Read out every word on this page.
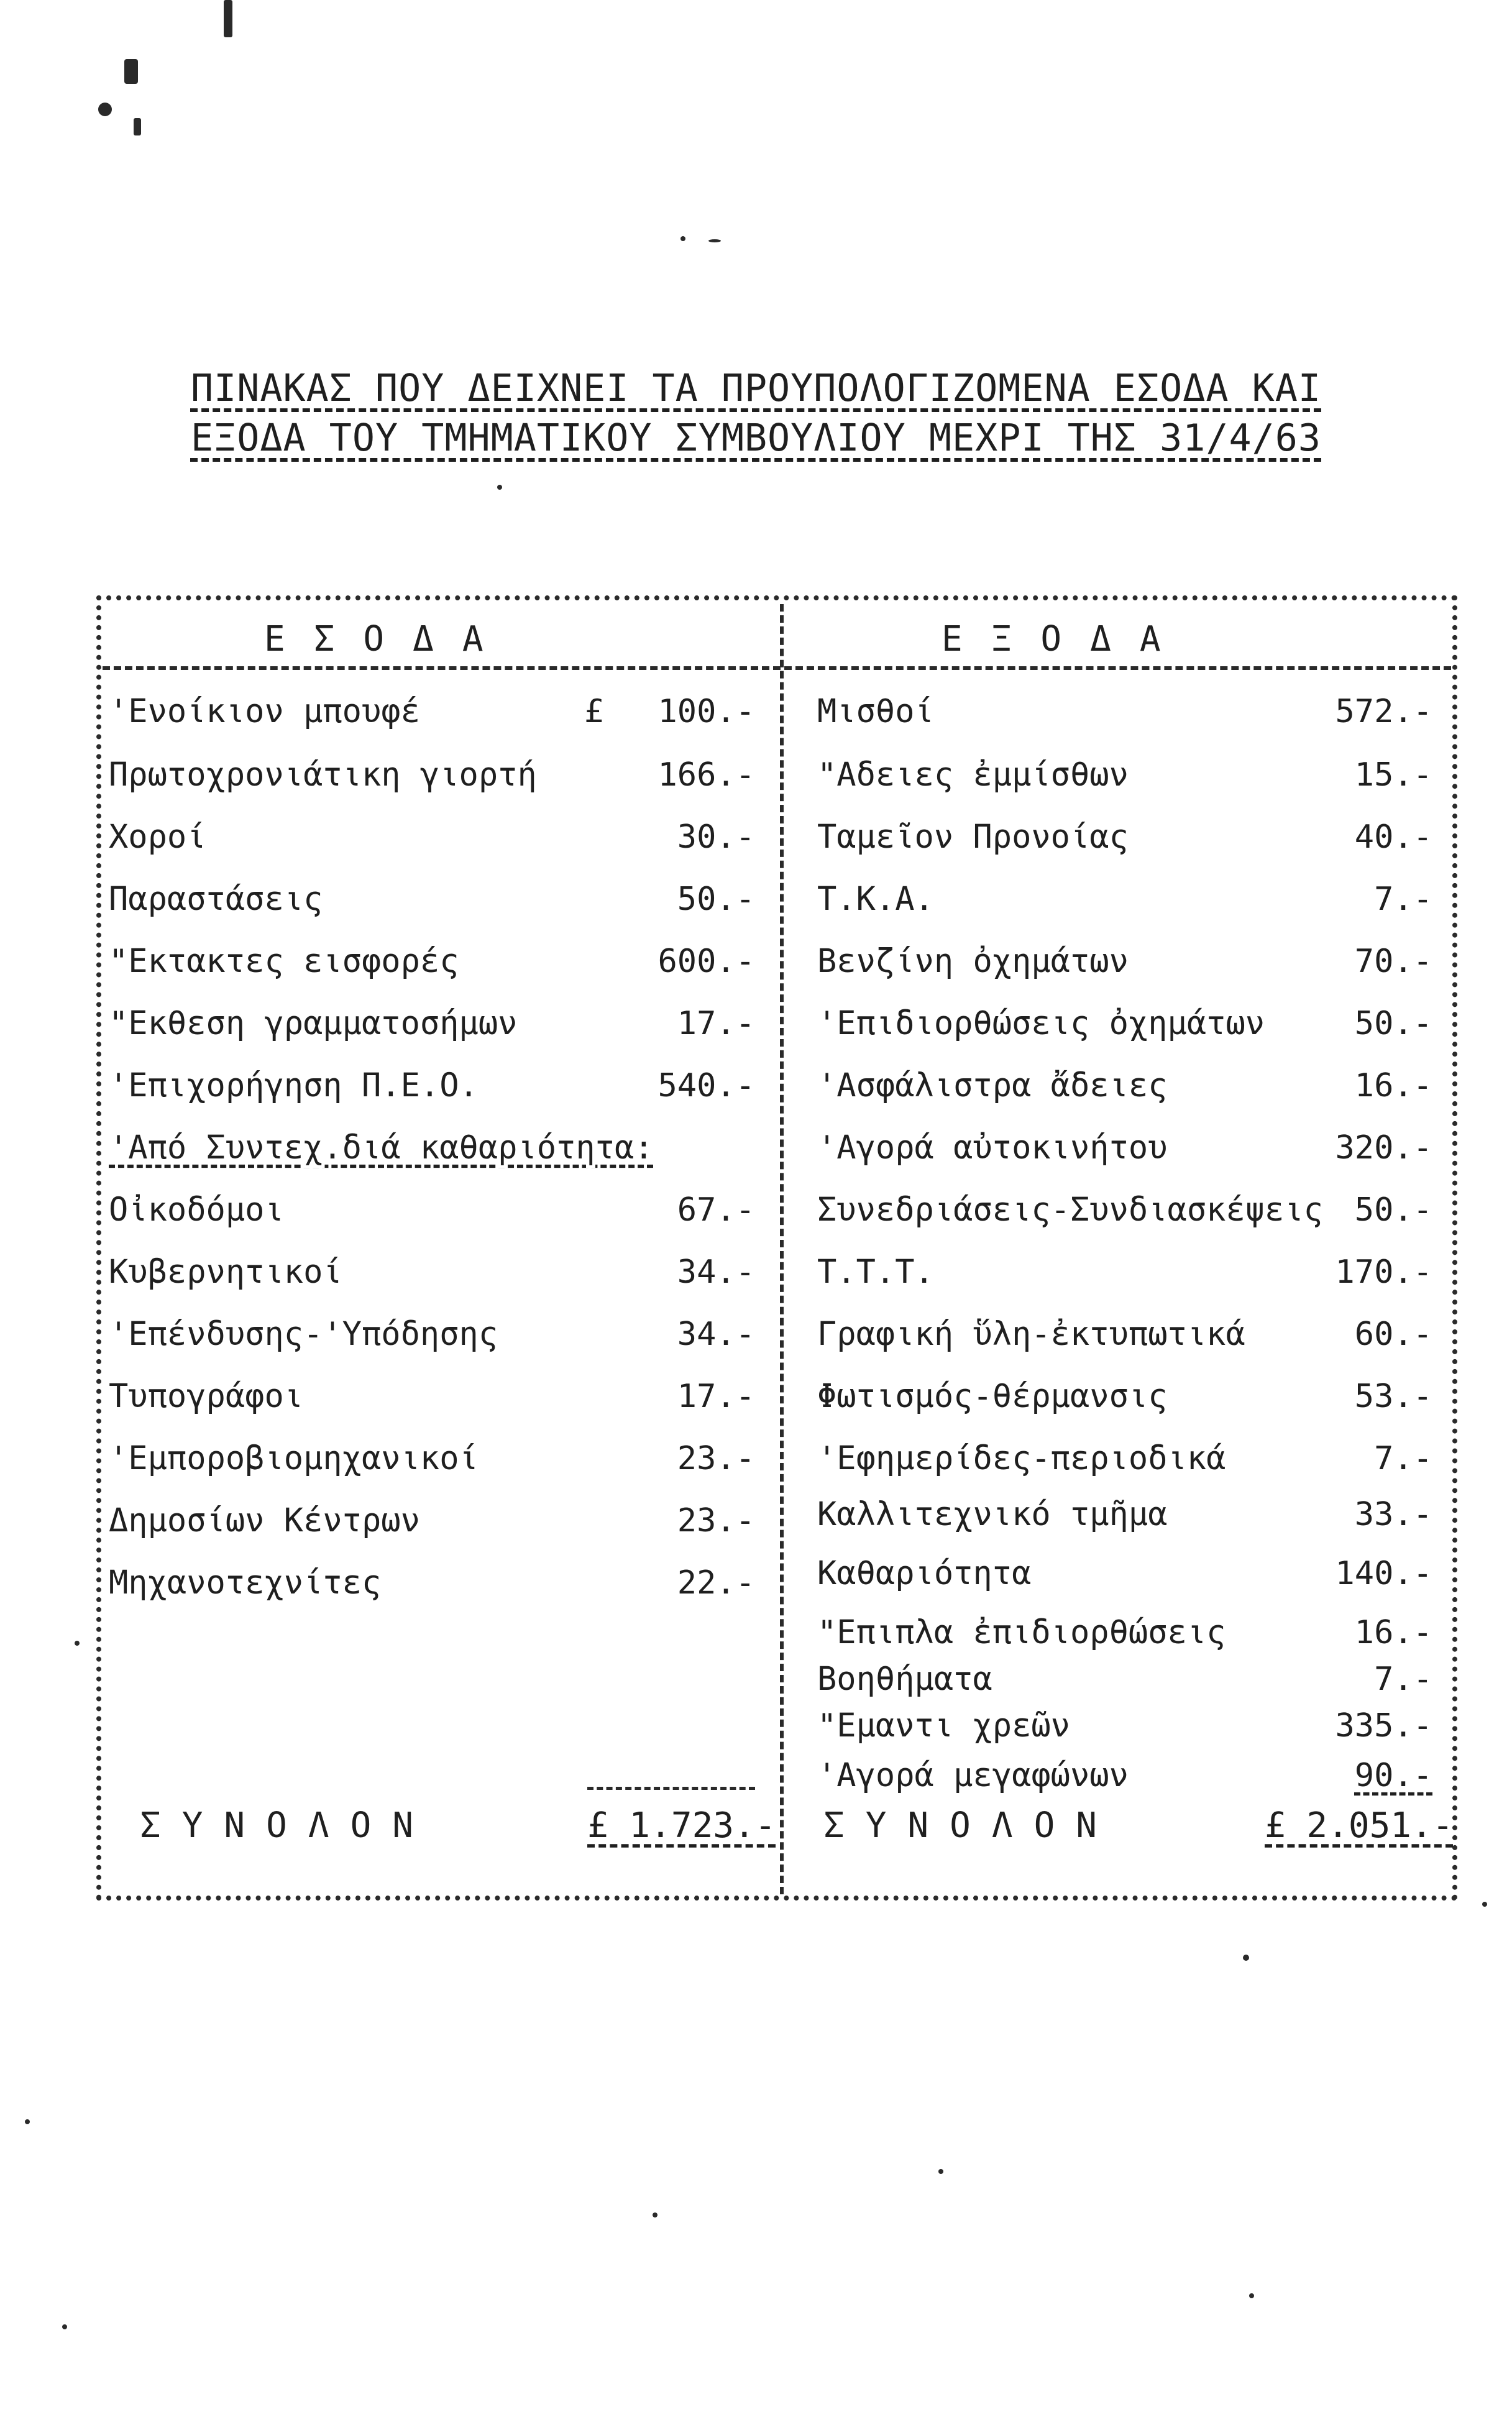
ΠΙΝΑΚΑΣ ΠΟΥ ΔΕΙΧΝΕΙ ΤΑ ΠΡΟΥΠΟΛΟΓΙΖΟΜΕΝΑ ΕΣΟΔΑ ΚΑΙ
ΕΞΟΔΑ ΤΟΥ ΤΜΗΜΑΤΙΚΟΥ ΣΥΜΒΟΥΛΙΟΥ ΜΕΧΡΙ ΤΗΣ 31/4/63
ΕΣΟΔΑ	ΕΞΟΔΑ
'Ενοίκιον μπουφέ	£ 100.-
Πρωτοχρονιάτικη γιορτή	166.-
Χοροί	30.-
Παραστάσεις	50.-
"Εκτακτες εισφορές	600.-
"Εκθεση γραμματοσήμων	17.-
'Επιχορήγηση Π.Ε.Ο.	540.-
'Από Συντεχ.διά καθαριότητα:
Οἰκοδόμοι	67.-
Κυβερνητικοί	34.-
'Επένδυσης-'Υπόδησης	34.-
Τυπογράφοι	17.-
'Εμποροβιομηχανικοί	23.-
Δημοσίων Κέντρων	23.-
Μηχανοτεχνίτες	22.-
ΣΥΝΟΛΟΝ	£ 1.723.-
Μισθοί	572.-
"Αδειες ἐμμίσθων	15.-
Ταμεῖον Προνοίας	40.-
Τ.Κ.Α.	7.-
Βενζίνη ὀχημάτων	70.-
'Επιδιορθώσεις ὀχημάτων	50.-
'Ασφάλιστρα ἄδειες	16.-
'Αγορά αὐτοκινήτου	320.-
Συνεδριάσεις-Συνδιασκέψεις 50.-
Τ.Τ.Τ.	170.-
Γραφική ὕλη-ἐκτυπωτικά	60.-
Φωτισμός-θέρμανσις	53.-
'Εφημερίδες-περιοδικά	7.-
Καλλιτεχνικό τμῆμα	33.-
Καθαριότητα	140.-
"Επιπλα ἐπιδιορθώσεις	16.-
Βοηθήματα	7.-
"Εμαντι χρεῶν	335.-
'Αγορά μεγαφώνων	90.-
ΣΥΝΟΛΟΝ	£ 2.051.-
